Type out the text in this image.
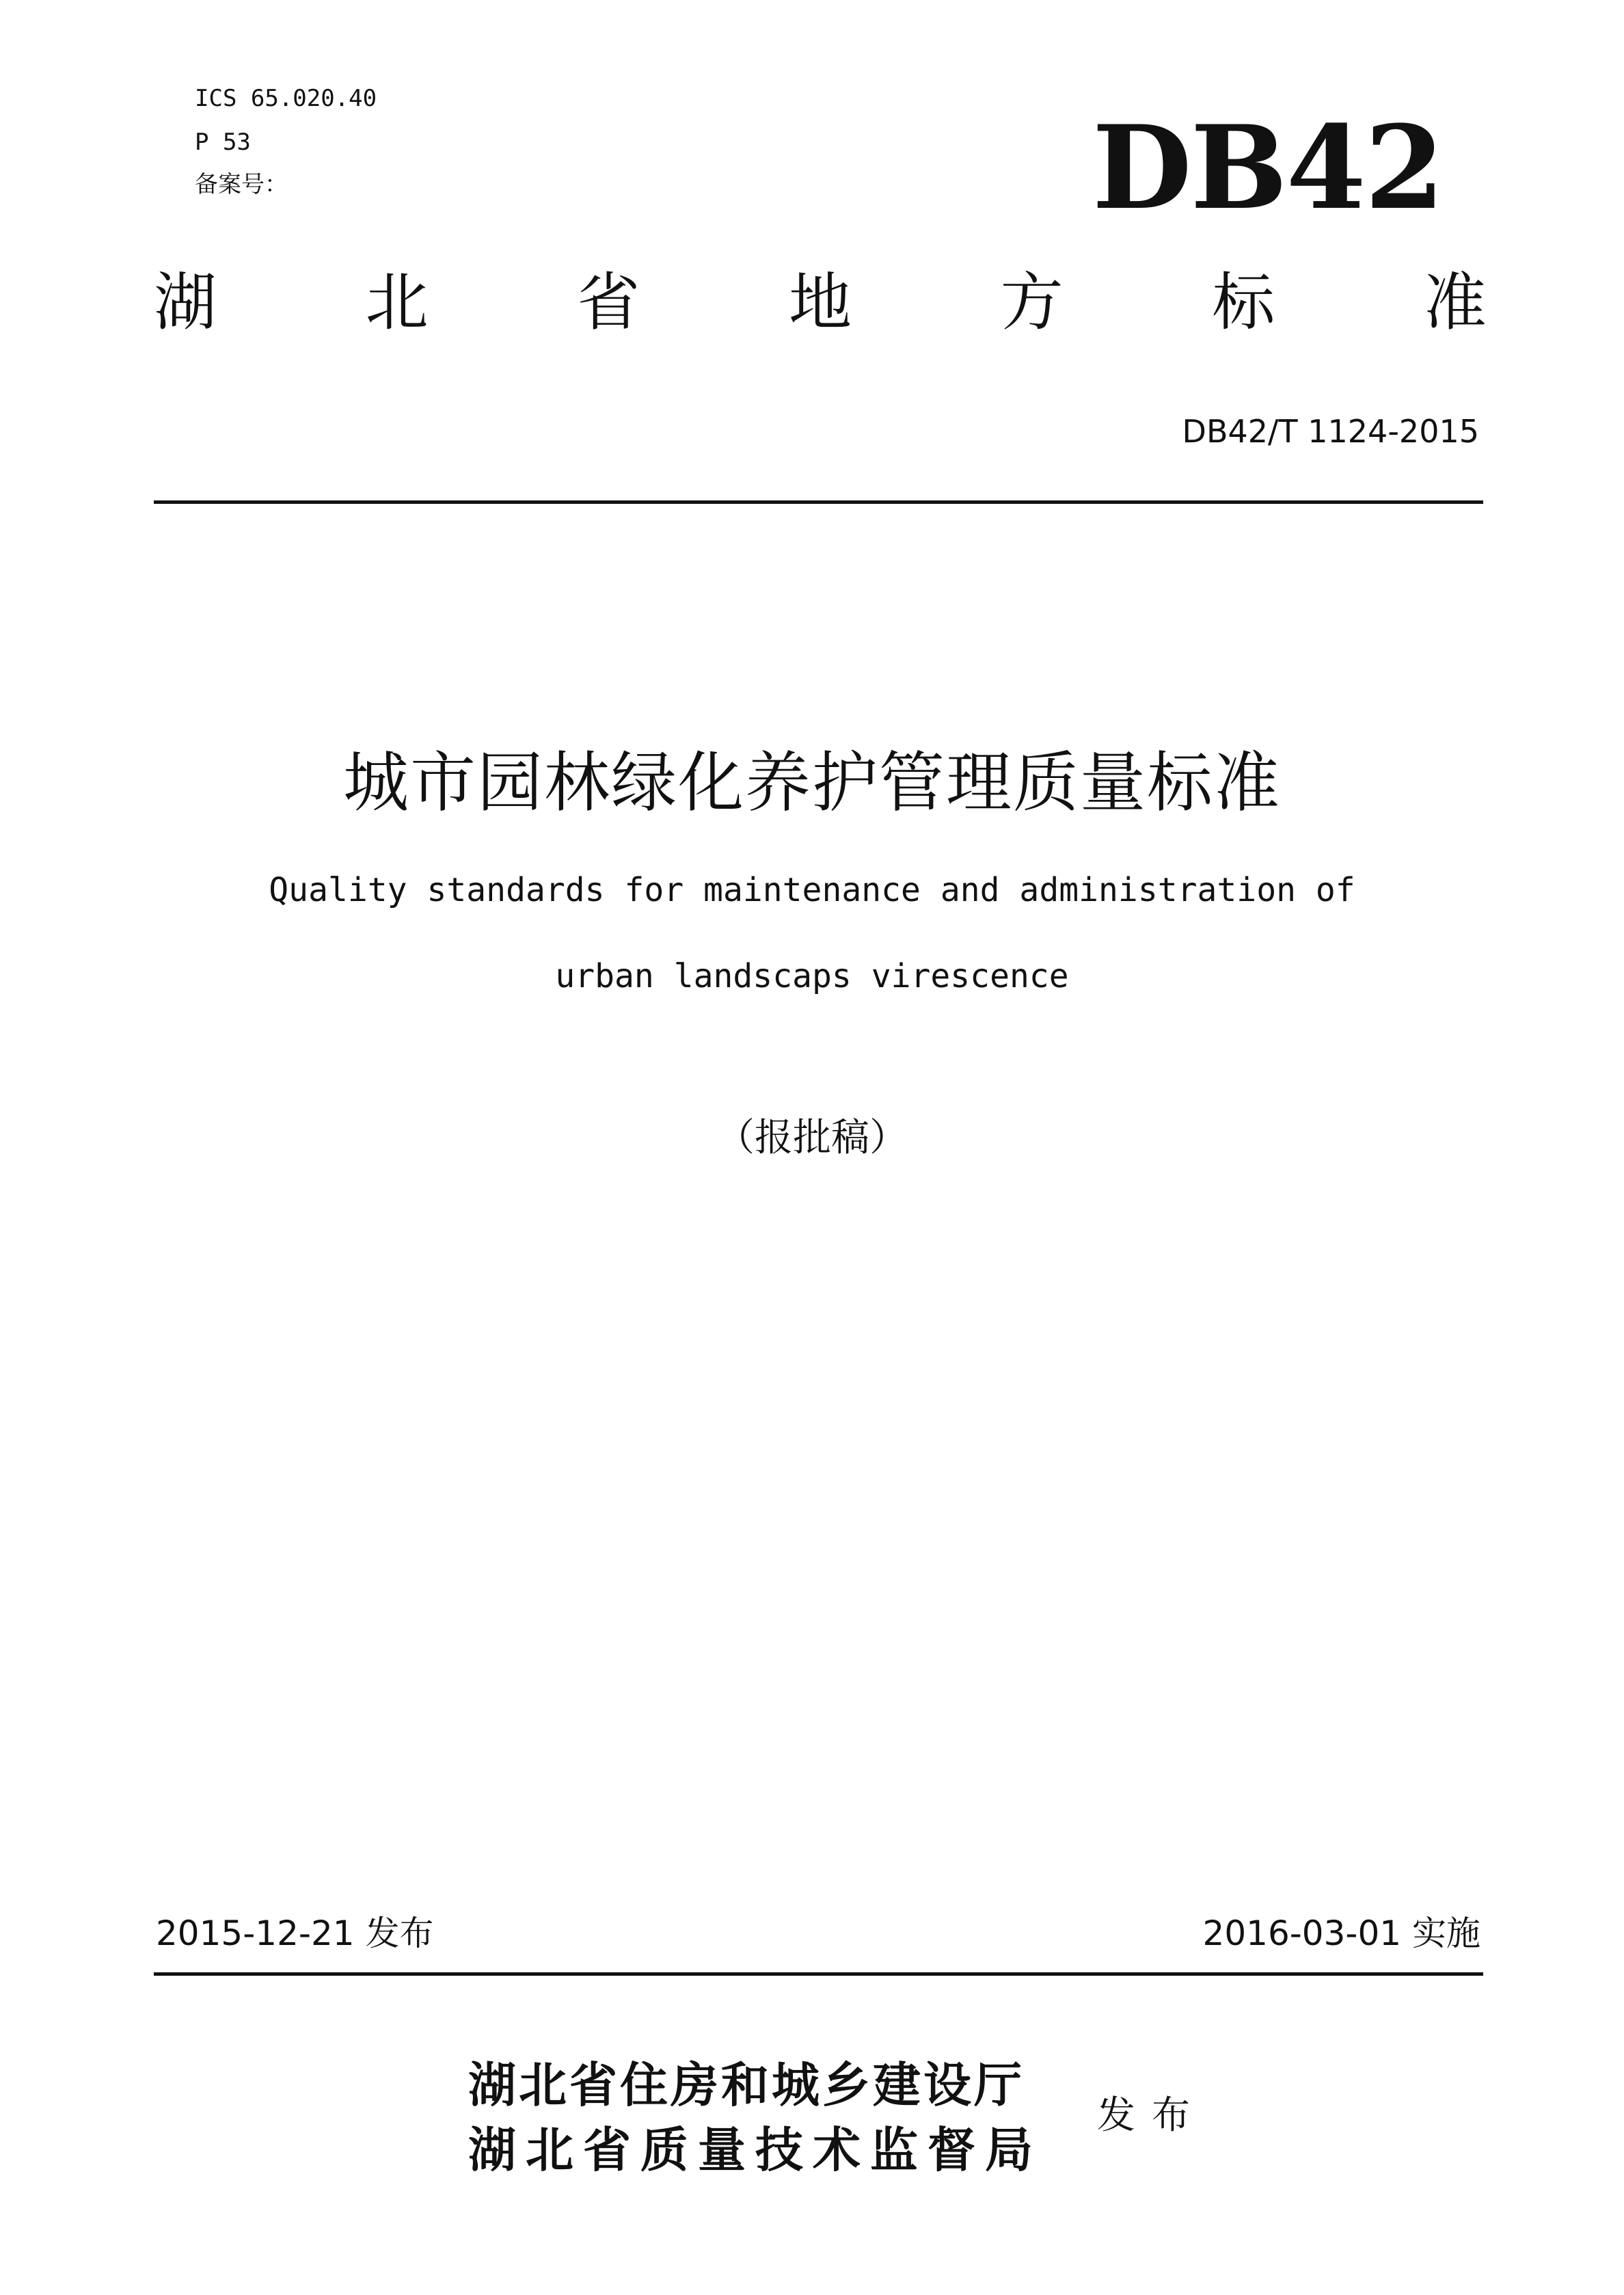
ICS 65.020.40
P 53
备案号：	DB42
湖 北 省 地 方 标 准
DB42/T 1124-2015
城市园林绿化养护管理质量标准
Quality standards for maintenance and administration of
urban landscaps virescence
（报批稿）
2015-12-21 发布	2016-03-01 实施
湖北省住房和城乡建设厅
湖北省质量技术监督局
发布
